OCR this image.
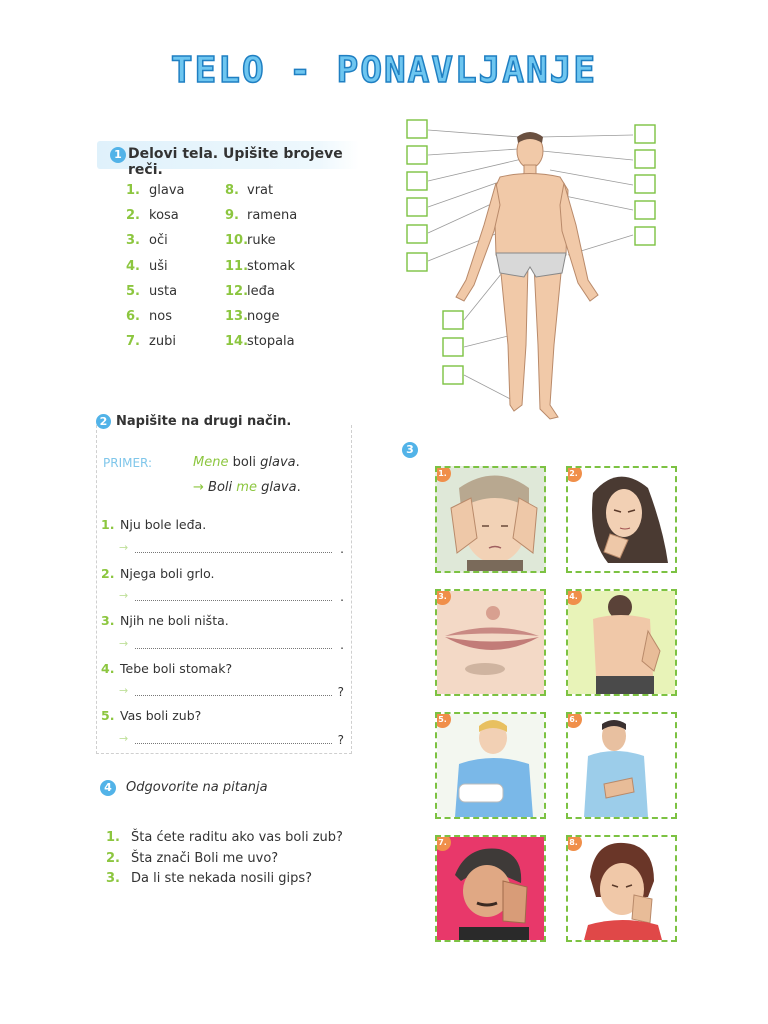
TELO - PONAVLJANJE
1 Delovi tela. Upišite brojeve reči.
1. glava
2. kosa
3. oči
4. uši
5. usta
6. nos
7. zubi
8. vrat
9. ramena
10.ruke
11.stomak
12.leđa
13.noge
14.stopala
2 Napišite na drugi način.
PRIMER:	Mene boli glava.
→ Boli me glava.
1. Nju bole leđa.
→	.
2. Njega boli grlo.
→	.
3. Njih ne boli ništa.
→	.
4. Tebe boli stomak?
→	?
5. Vas boli zub?
→	?
4 Odgovorite na pitanja
1. Šta ćete raditu ako vas boli zub?
2. Šta znači Boli me uvo?
3. Da li ste nekada nosili gips?
3
1.	2.
3.	4.
5.	6.
7.	8.
